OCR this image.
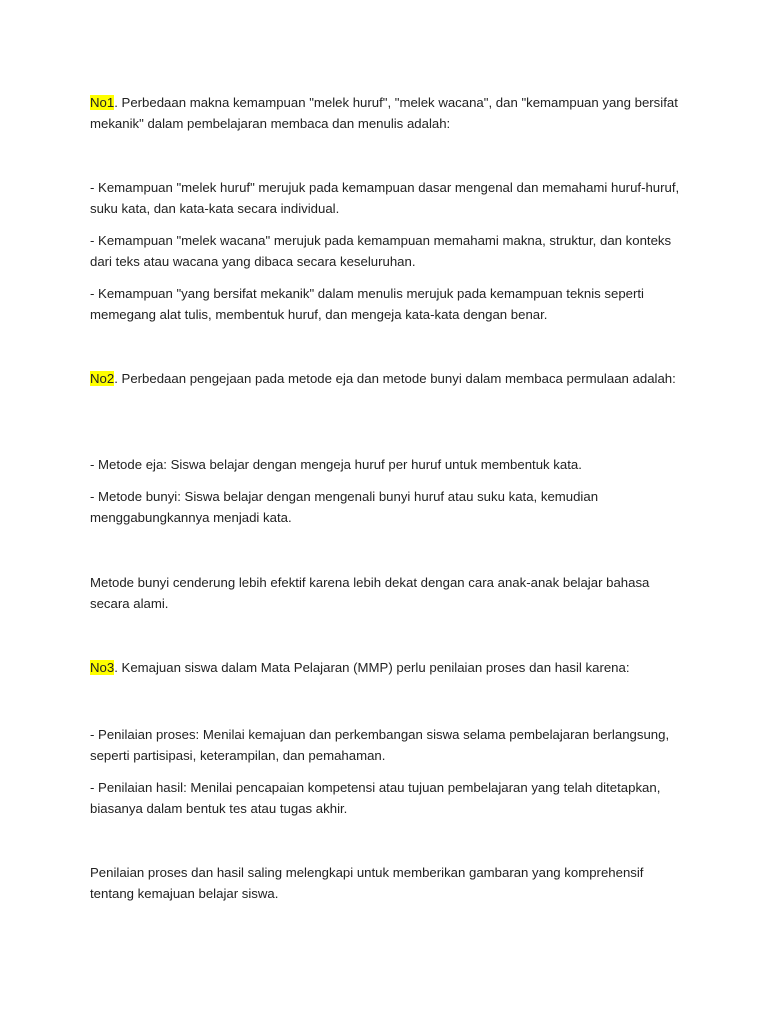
No1. Perbedaan makna kemampuan "melek huruf", "melek wacana", dan "kemampuan yang bersifat mekanik" dalam pembelajaran membaca dan menulis adalah:

- Kemampuan "melek huruf" merujuk pada kemampuan dasar mengenal dan memahami huruf-huruf, suku kata, dan kata-kata secara individual.

- Kemampuan "melek wacana" merujuk pada kemampuan memahami makna, struktur, dan konteks dari teks atau wacana yang dibaca secara keseluruhan.

- Kemampuan "yang bersifat mekanik" dalam menulis merujuk pada kemampuan teknis seperti memegang alat tulis, membentuk huruf, dan mengeja kata-kata dengan benar.

No2. Perbedaan pengejaan pada metode eja dan metode bunyi dalam membaca permulaan adalah:

- Metode eja: Siswa belajar dengan mengeja huruf per huruf untuk membentuk kata.

- Metode bunyi: Siswa belajar dengan mengenali bunyi huruf atau suku kata, kemudian menggabungkannya menjadi kata.

Metode bunyi cenderung lebih efektif karena lebih dekat dengan cara anak-anak belajar bahasa secara alami.

No3. Kemajuan siswa dalam Mata Pelajaran (MMP) perlu penilaian proses dan hasil karena:

- Penilaian proses: Menilai kemajuan dan perkembangan siswa selama pembelajaran berlangsung, seperti partisipasi, keterampilan, dan pemahaman.

- Penilaian hasil: Menilai pencapaian kompetensi atau tujuan pembelajaran yang telah ditetapkan, biasanya dalam bentuk tes atau tugas akhir.

Penilaian proses dan hasil saling melengkapi untuk memberikan gambaran yang komprehensif tentang kemajuan belajar siswa.
